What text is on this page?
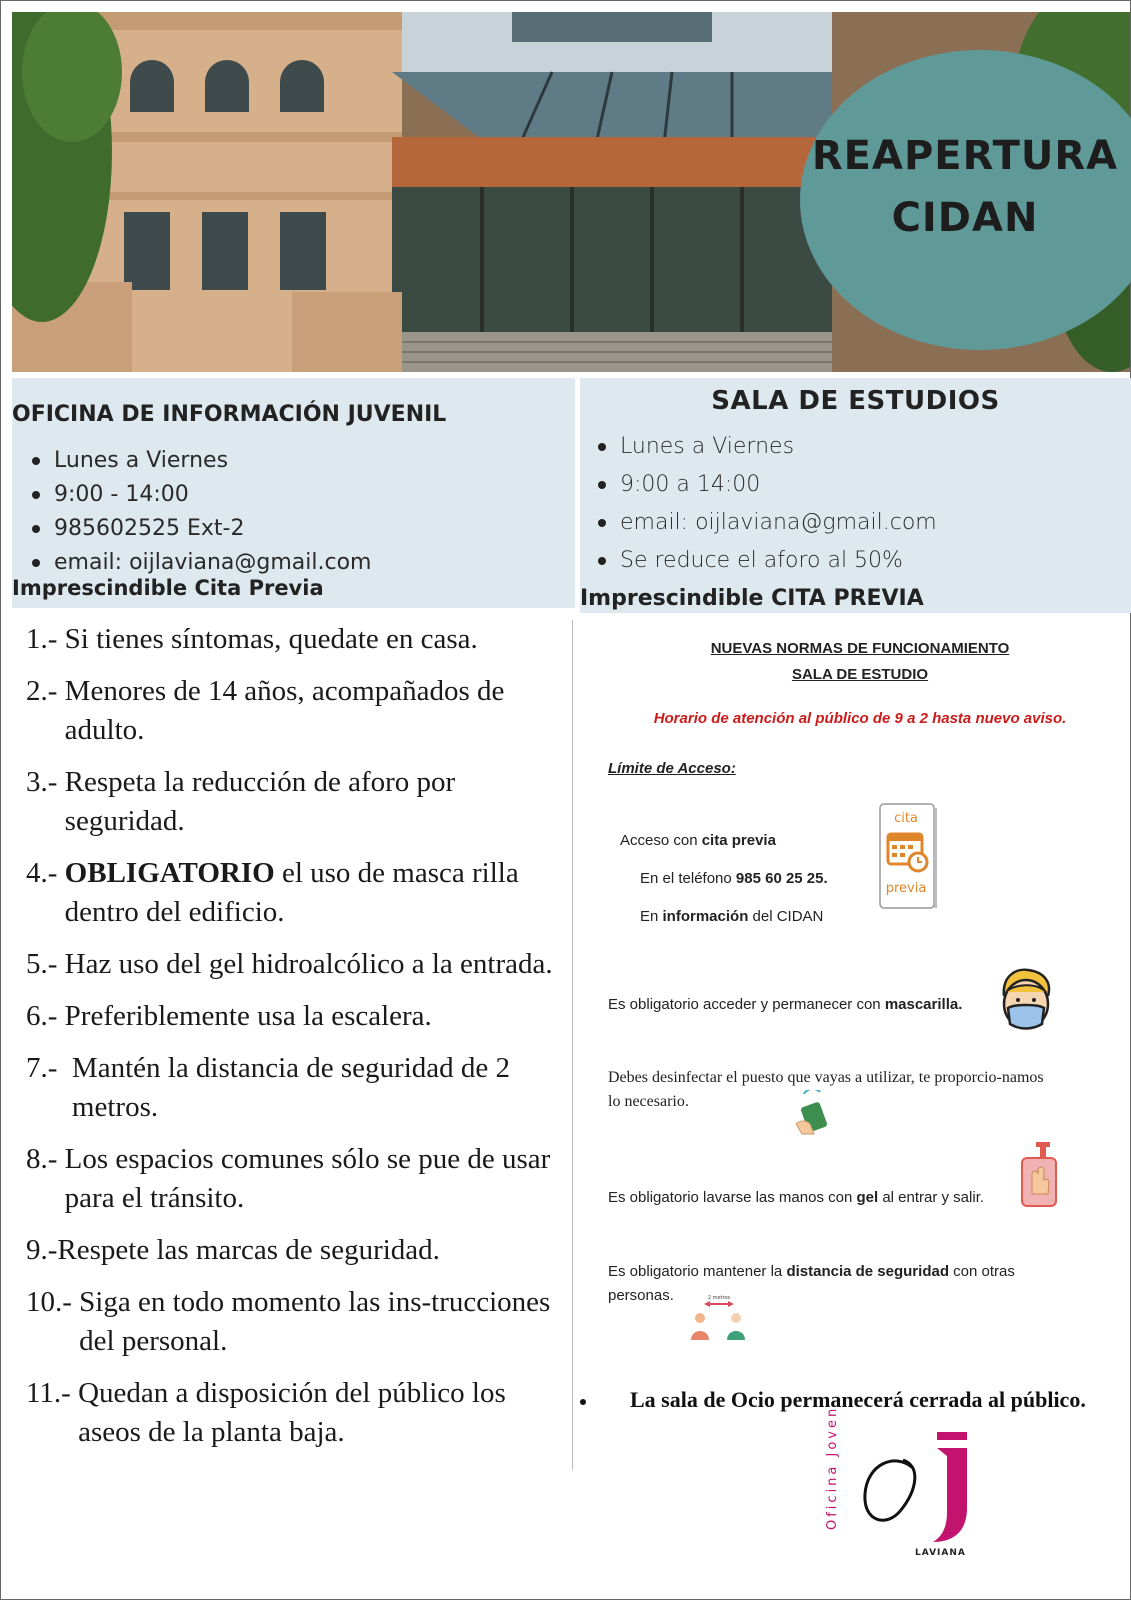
REAPERTURA
CIDAN
OFICINA DE INFORMACIÓN JUVENIL
Lunes a Viernes
9:00 - 14:00
985602525 Ext-2
email: oijlaviana@gmail.com
Imprescindible Cita Previa
SALA DE ESTUDIOS
Lunes a Viernes
9:00 a 14:00
email: oijlaviana@gmail.com
Se reduce el aforo al 50%
Imprescindible CITA PREVIA
1.- Si tienes síntomas, quedate en casa.
2.- Menores de 14 años, acompañados de adulto.
3.- Respeta la reducción de aforo por seguridad.
4.- OBLIGATORIO el uso de masca rilla dentro del edificio.
5.- Haz uso del gel hidroalcólico a la entrada.
6.- Preferiblemente usa la escalera.
7.- Mantén la distancia de seguridad de 2 metros.
8.- Los espacios comunes sólo se pue de usar para el tránsito.
9.- Respete las marcas de seguridad.
10.- Siga en todo momento las ins-trucciones del personal.
11.- Quedan a disposición del público los aseos de la planta baja.
NUEVAS NORMAS DE FUNCIONAMIENTO
SALA DE ESTUDIO
Horario de atención al público de 9 a 2 hasta nuevo aviso.
Límite de Acceso:
Acceso con cita previa
En el teléfono 985 60 25 25.
En información del CIDAN
Es obligatorio acceder y permanecer con mascarilla.
Debes desinfectar el puesto que vayas a utilizar, te proporcio-namos lo necesario.
Es obligatorio lavarse las manos con gel al entrar y salir.
Es obligatorio mantener la distancia de seguridad con otras personas.
cita
previa
2 metros
La sala de Ocio permanecerá cerrada al público.
Oficina Joven
LAVIANA
